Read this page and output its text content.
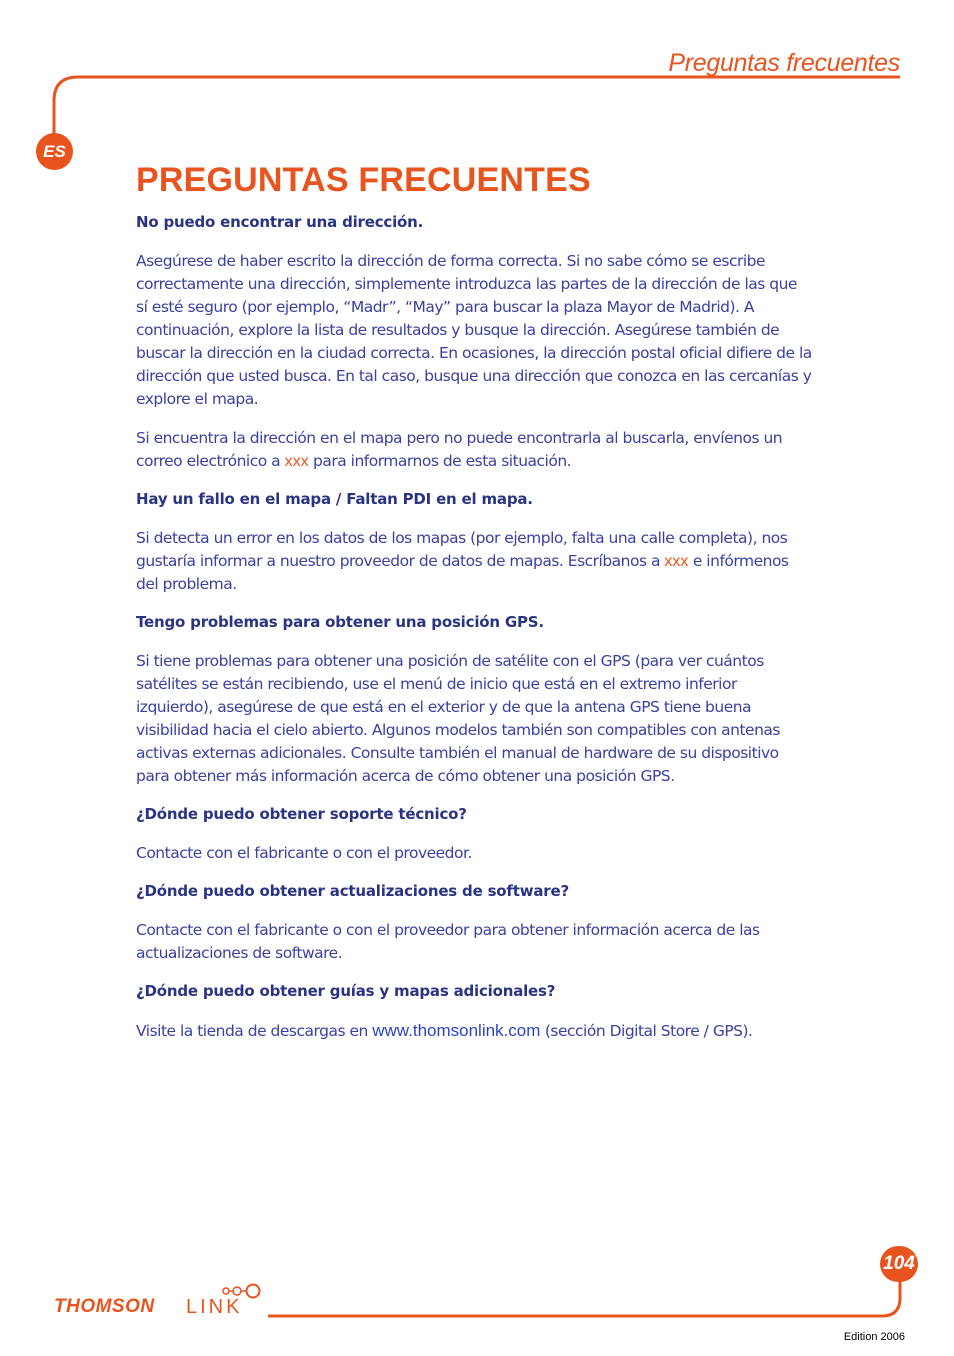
Preguntas frecuentes
ES
PREGUNTAS FRECUENTES

No puedo encontrar una dirección.

Asegúrese de haber escrito la dirección de forma correcta. Si no sabe cómo se escribe correctamente una dirección, simplemente introduzca las partes de la dirección de las que sí esté seguro (por ejemplo, “Madr”, “May” para buscar la plaza Mayor de Madrid). A continuación, explore la lista de resultados y busque la dirección. Asegúrese también de buscar la dirección en la ciudad correcta. En ocasiones, la dirección postal oficial difiere de la dirección que usted busca. En tal caso, busque una dirección que conozca en las cercanías y explore el mapa.

Si encuentra la dirección en el mapa pero no puede encontrarla al buscarla, envíenos un correo electrónico a xxx para informarnos de esta situación.

Hay un fallo en el mapa / Faltan PDI en el mapa.

Si detecta un error en los datos de los mapas (por ejemplo, falta una calle completa), nos gustaría informar a nuestro proveedor de datos de mapas. Escríbanos a xxx e infórmenos del problema.

Tengo problemas para obtener una posición GPS.

Si tiene problemas para obtener una posición de satélite con el GPS (para ver cuántos satélites se están recibiendo, use el menú de inicio que está en el extremo inferior izquierdo), asegúrese de que está en el exterior y de que la antena GPS tiene buena visibilidad hacia el cielo abierto. Algunos modelos también son compatibles con antenas activas externas adicionales. Consulte también el manual de hardware de su dispositivo para obtener más información acerca de cómo obtener una posición GPS.

¿Dónde puedo obtener soporte técnico?

Contacte con el fabricante o con el proveedor.

¿Dónde puedo obtener actualizaciones de software?

Contacte con el fabricante o con el proveedor para obtener información acerca de las actualizaciones de software.

¿Dónde puedo obtener guías y mapas adicionales?

Visite la tienda de descargas en www.thomsonlink.com (sección Digital Store / GPS).

104
THOMSON LINK
Edition 2006
